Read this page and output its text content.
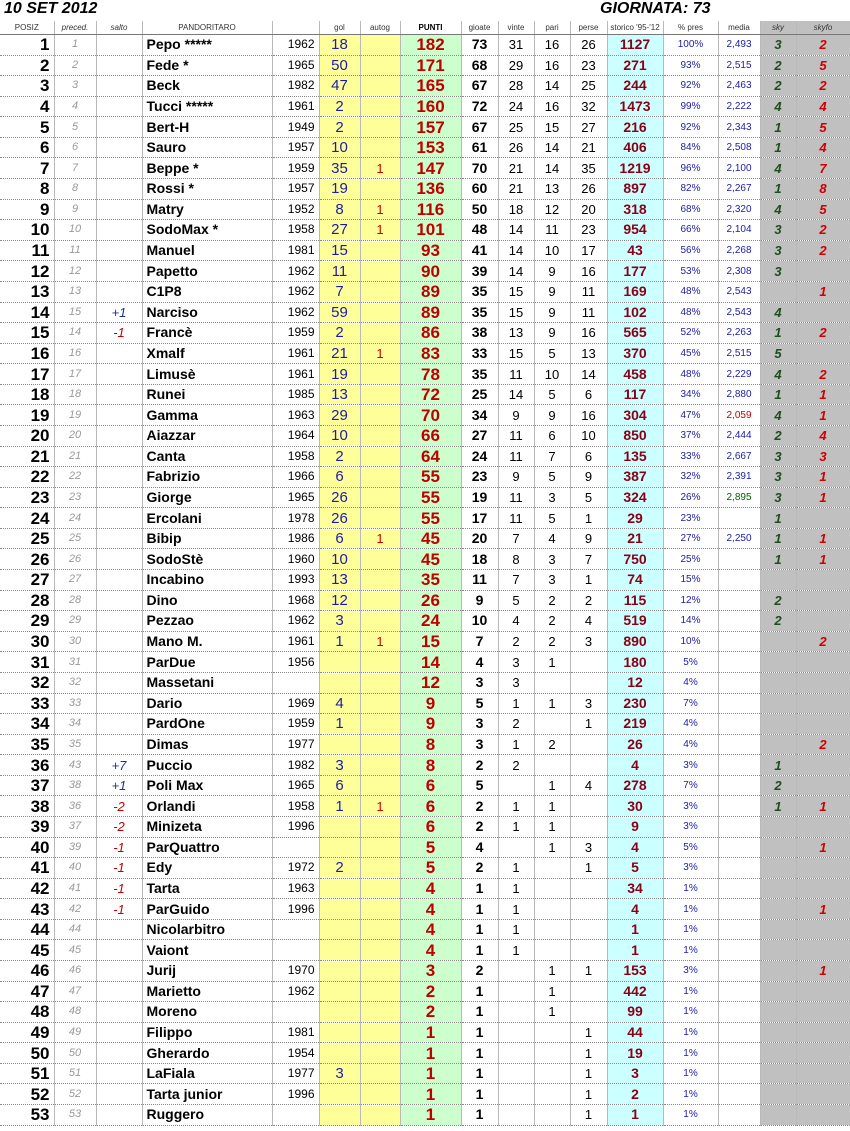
10 SET 2012	GIORNATA: 73
POSIZ	preced.	salto	PANDORITARO		gol	autog	PUNTI	gioate	vinte	pari	perse	storico '95-'12	% pres	media	sky	skyfo
1	1		Pepo *****	1962	18		182	73	31	16	26	1127	100%	2,493	3	2
2	2		Fede *	1965	50		171	68	29	16	23	271	93%	2,515	2	5
3	3		Beck	1982	47		165	67	28	14	25	244	92%	2,463	2	2
4	4		Tucci *****	1961	2		160	72	24	16	32	1473	99%	2,222	4	4
5	5		Bert-H	1949	2		157	67	25	15	27	216	92%	2,343	1	5
6	6		Sauro	1957	10		153	61	26	14	21	406	84%	2,508	1	4
7	7		Beppe *	1959	35	1	147	70	21	14	35	1219	96%	2,100	4	7
8	8		Rossi *	1957	19		136	60	21	13	26	897	82%	2,267	1	8
9	9		Matry	1952	8	1	116	50	18	12	20	318	68%	2,320	4	5
10	10		SodoMax *	1958	27	1	101	48	14	11	23	954	66%	2,104	3	2
11	11		Manuel	1981	15		93	41	14	10	17	43	56%	2,268	3	2
12	12		Papetto	1962	11		90	39	14	9	16	177	53%	2,308	3	
13	13		C1P8	1962	7		89	35	15	9	11	169	48%	2,543		1
14	15	+1	Narciso	1962	59		89	35	15	9	11	102	48%	2,543	4	
15	14	-1	Francè	1959	2		86	38	13	9	16	565	52%	2,263	1	2
16	16		Xmalf	1961	21	1	83	33	15	5	13	370	45%	2,515	5	
17	17		Limusè	1961	19		78	35	11	10	14	458	48%	2,229	4	2
18	18		Runei	1985	13		72	25	14	5	6	117	34%	2,880	1	1
19	19		Gamma	1963	29		70	34	9	9	16	304	47%	2,059	4	1
20	20		Aiazzar	1964	10		66	27	11	6	10	850	37%	2,444	2	4
21	21		Canta	1958	2		64	24	11	7	6	135	33%	2,667	3	3
22	22		Fabrizio	1966	6		55	23	9	5	9	387	32%	2,391	3	1
23	23		Giorge	1965	26		55	19	11	3	5	324	26%	2,895	3	1
24	24		Ercolani	1978	26		55	17	11	5	1	29	23%		1	
25	25		Bibip	1986	6	1	45	20	7	4	9	21	27%	2,250	1	1
26	26		SodoStè	1960	10		45	18	8	3	7	750	25%		1	1
27	27		Incabino	1993	13		35	11	7	3	1	74	15%			
28	28		Dino	1968	12		26	9	5	2	2	115	12%		2	
29	29		Pezzao	1962	3		24	10	4	2	4	519	14%		2	
30	30		Mano M.	1961	1	1	15	7	2	2	3	890	10%			2
31	31		ParDue	1956			14	4	3	1		180	5%			
32	32		Massetani				12	3	3			12	4%			
33	33		Dario	1969	4		9	5	1	1	3	230	7%			
34	34		PardOne	1959	1		9	3	2		1	219	4%			
35	35		Dimas	1977			8	3	1	2		26	4%			2
36	43	+7	Puccio	1982	3		8	2	2			4	3%		1	
37	38	+1	Poli Max	1965	6		6	5		1	4	278	7%		2	
38	36	-2	Orlandi	1958	1	1	6	2	1	1		30	3%		1	1
39	37	-2	Minizeta	1996			6	2	1	1		9	3%			
40	39	-1	ParQuattro				5	4		1	3	4	5%			1
41	40	-1	Edy	1972	2		5	2	1		1	5	3%			
42	41	-1	Tarta	1963			4	1	1			34	1%			
43	42	-1	ParGuido	1996			4	1	1			4	1%			1
44	44		Nicolarbitro				4	1	1			1	1%			
45	45		Vaiont				4	1	1			1	1%			
46	46		Jurij	1970			3	2		1	1	153	3%			1
47	47		Marietto	1962			2	1		1		442	1%			
48	48		Moreno				2	1		1		99	1%			
49	49		Filippo	1981			1	1			1	44	1%			
50	50		Gherardo	1954			1	1			1	19	1%			
51	51		LaFiala	1977	3		1	1			1	3	1%			
52	52		Tarta junior	1996			1	1			1	2	1%			
53	53		Ruggero				1	1			1	1	1%			
